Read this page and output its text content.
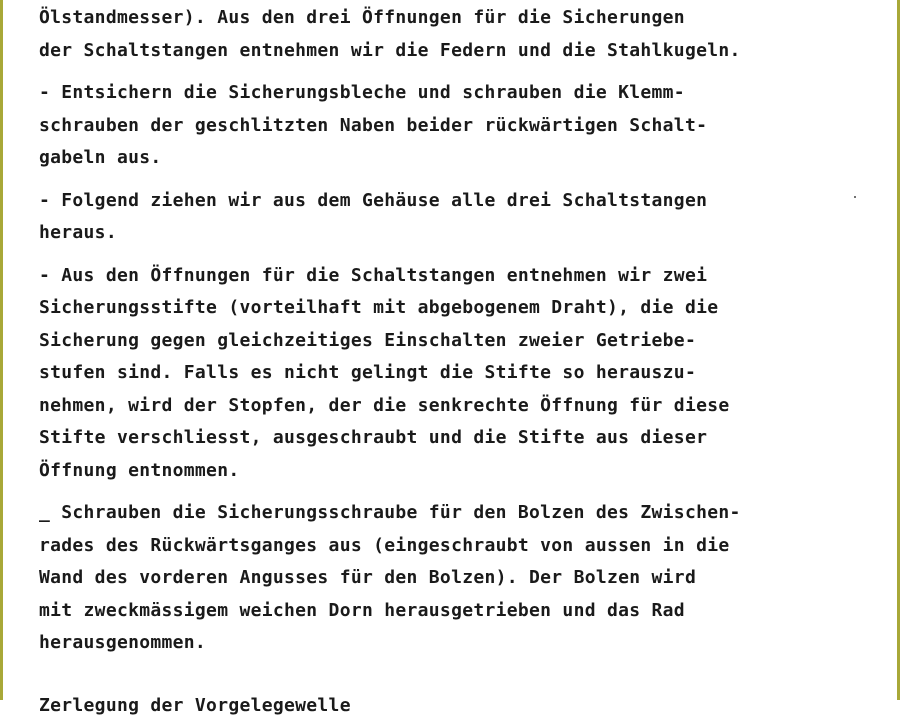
Ölstandmesser). Aus den drei Öffnungen für die Sicherungen
der Schaltstangen entnehmen wir die Federn und die Stahlkugeln.
- Entsichern die Sicherungsbleche und schrauben die Klemm-
schrauben der geschlitzten Naben beider rückwärtigen Schalt-
gabeln aus.
- Folgend ziehen wir aus dem Gehäuse alle drei Schaltstangen
heraus.
- Aus den Öffnungen für die Schaltstangen entnehmen wir zwei
Sicherungsstifte (vorteilhaft mit abgebogenem Draht), die die
Sicherung gegen gleichzeitiges Einschalten zweier Getriebe-
stufen sind. Falls es nicht gelingt die Stifte so herauszu-
nehmen, wird der Stopfen, der die senkrechte Öffnung für diese
Stifte verschliesst, ausgeschraubt und die Stifte aus dieser
Öffnung entnommen.
_ Schrauben die Sicherungsschraube für den Bolzen des Zwischen-
rades des Rückwärtsganges aus (eingeschraubt von aussen in die
Wand des vorderen Angusses für den Bolzen). Der Bolzen wird
mit zweckmässigem weichen Dorn herausgetrieben und das Rad
herausgenommen.
Zerlegung der Vorgelegewelle
